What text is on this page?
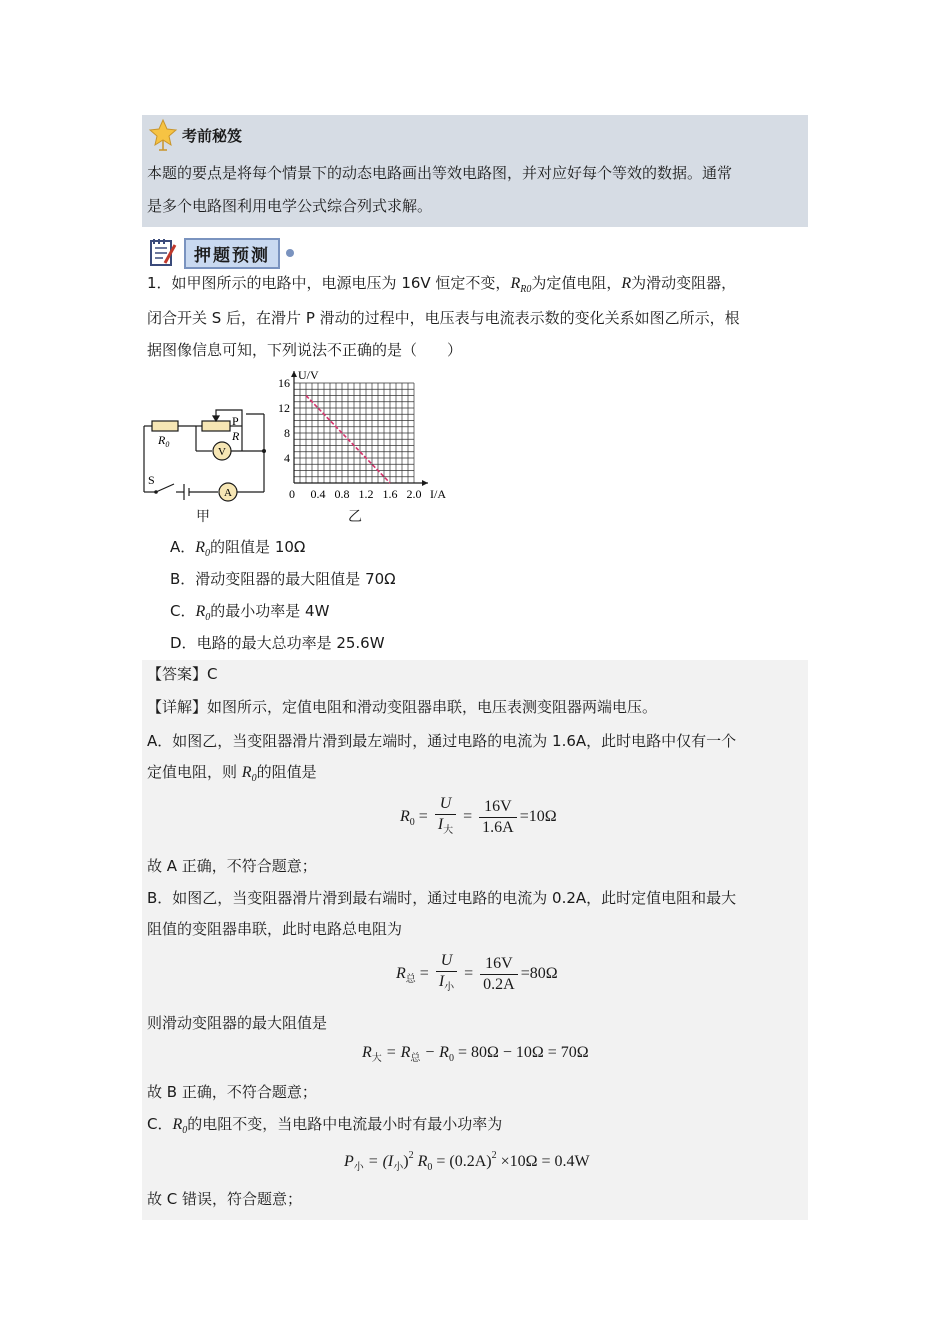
考前秘笈
本题的要点是将每个情景下的动态电路画出等效电路图，并对应好每个等效的数据。通常
是多个电路图利用电学公式综合列式求解。
押题预测
1．如甲图所示的电路中，电源电压为 16V 恒定不变，$R_{R0}$为定值电阻，R为滑动变阻器，
闭合开关 S 后，在滑片 P 滑动的过程中，电压表与电流表示数的变化关系如图乙所示，根
据图像信息可知，下列说法不正确的是（　　）
$R_0$
P
R
V
A
S
甲
0 0.4 0.8 1.2 1.6 2.0
4
8
12
16
U/V
I/A
乙
A．$R_0$的阻值是 10Ω
B．滑动变阻器的最大阻值是 70Ω
C．$R_0$的最小功率是 4W
D．电路的最大总功率是 25.6W
【答案】C
【详解】如图所示，定值电阻和滑动变阻器串联，电压表测变阻器两端电压。
A．如图乙，当变阻器滑片滑到最左端时，通过电路的电流为 1.6A，此时电路中仅有一个
定值电阻，则 $R_0$的阻值是
$R_0 = \frac{U}{I_大} = \frac{16V}{1.6A} =10\Omega$
故 A 正确，不符合题意；
B．如图乙，当变阻器滑片滑到最右端时，通过电路的电流为 0.2A，此时定值电阻和最大
阻值的变阻器串联，此时电路总电阻为
$R_总 = \frac{U}{I_小} = \frac{16V}{0.2A} =80\Omega$
则滑动变阻器的最大阻值是
$R_大 = R_总 - R_0 = 80\Omega - 10\Omega = 70\Omega$
故 B 正确，不符合题意；
C．$R_0$的电阻不变，当电路中电流最小时有最小功率为
$P_小 = (I_小)^2$ $R_0 = (0.2A)^2 \times 10\Omega = 0.4W$
故 C 错误，符合题意；
